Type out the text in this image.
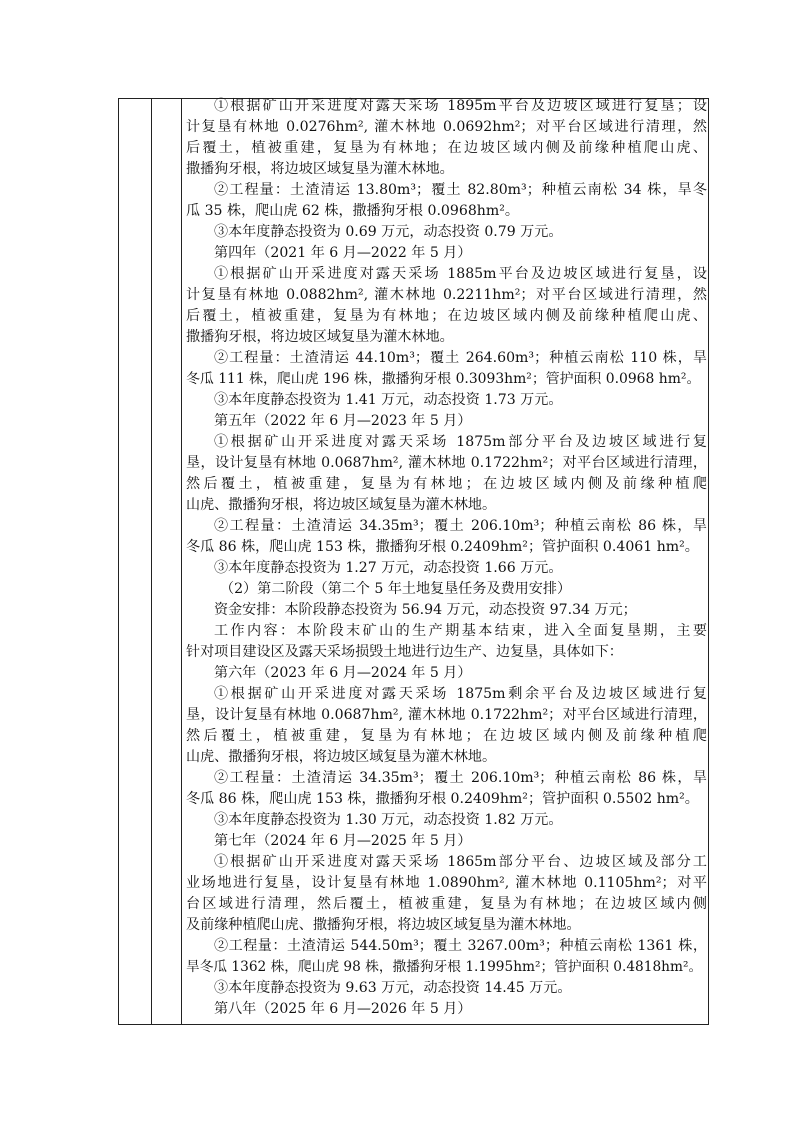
①根据矿山开采进度对露天采场 1895m平台及边坡区域进行复垦；设
计复垦有林地 0.0276hm², 灌木林地 0.0692hm²；对平台区域进行清理，然
后覆土，植被重建，复垦为有林地；在边坡区域内侧及前缘种植爬山虎、
撒播狗牙根，将边坡区域复垦为灌木林地。
②工程量：土渣清运 13.80m³；覆土 82.80m³；种植云南松 34 株，旱冬
瓜 35 株，爬山虎 62 株，撒播狗牙根 0.0968hm²。
③本年度静态投资为 0.69 万元，动态投资 0.79 万元。
第四年（2021 年 6 月—2022 年 5 月）
①根据矿山开采进度对露天采场 1885m平台及边坡区域进行复垦，设
计复垦有林地 0.0882hm², 灌木林地 0.2211hm²；对平台区域进行清理，然
后覆土，植被重建，复垦为有林地；在边坡区域内侧及前缘种植爬山虎、
撒播狗牙根，将边坡区域复垦为灌木林地。
②工程量：土渣清运 44.10m³；覆土 264.60m³；种植云南松 110 株，旱
冬瓜 111 株，爬山虎 196 株，撒播狗牙根 0.3093hm²；管护面积 0.0968 hm²。
③本年度静态投资为 1.41 万元，动态投资 1.73 万元。
第五年（2022 年 6 月—2023 年 5 月）
①根据矿山开采进度对露天采场 1875m部分平台及边坡区域进行复
垦，设计复垦有林地 0.0687hm², 灌木林地 0.1722hm²；对平台区域进行清理，
然后覆土，植被重建，复垦为有林地；在边坡区域内侧及前缘种植爬
山虎、撒播狗牙根，将边坡区域复垦为灌木林地。
②工程量：土渣清运 34.35m³；覆土 206.10m³；种植云南松 86 株，旱
冬瓜 86 株，爬山虎 153 株，撒播狗牙根 0.2409hm²；管护面积 0.4061 hm²。
③本年度静态投资为 1.27 万元，动态投资 1.66 万元。
（2）第二阶段（第二个 5 年土地复垦任务及费用安排）
资金安排：本阶段静态投资为 56.94 万元，动态投资 97.34 万元；
工作内容：本阶段末矿山的生产期基本结束，进入全面复垦期，主要
针对项目建设区及露天采场损毁土地进行边生产、边复垦，具体如下：
第六年（2023 年 6 月—2024 年 5 月）
①根据矿山开采进度对露天采场 1875m剩余平台及边坡区域进行复
垦，设计复垦有林地 0.0687hm², 灌木林地 0.1722hm²；对平台区域进行清理，
然后覆土，植被重建，复垦为有林地；在边坡区域内侧及前缘种植爬
山虎、撒播狗牙根，将边坡区域复垦为灌木林地。
②工程量：土渣清运 34.35m³；覆土 206.10m³；种植云南松 86 株，旱
冬瓜 86 株，爬山虎 153 株，撒播狗牙根 0.2409hm²；管护面积 0.5502 hm²。
③本年度静态投资为 1.30 万元，动态投资 1.82 万元。
第七年（2024 年 6 月—2025 年 5 月）
①根据矿山开采进度对露天采场 1865m部分平台、边坡区域及部分工
业场地进行复垦，设计复垦有林地 1.0890hm², 灌木林地 0.1105hm²；对平
台区域进行清理，然后覆土，植被重建，复垦为有林地；在边坡区域内侧
及前缘种植爬山虎、撒播狗牙根，将边坡区域复垦为灌木林地。
②工程量：土渣清运 544.50m³；覆土 3267.00m³；种植云南松 1361 株，
旱冬瓜 1362 株，爬山虎 98 株，撒播狗牙根 1.1995hm²；管护面积 0.4818hm²。
③本年度静态投资为 9.63 万元，动态投资 14.45 万元。
第八年（2025 年 6 月—2026 年 5 月）
